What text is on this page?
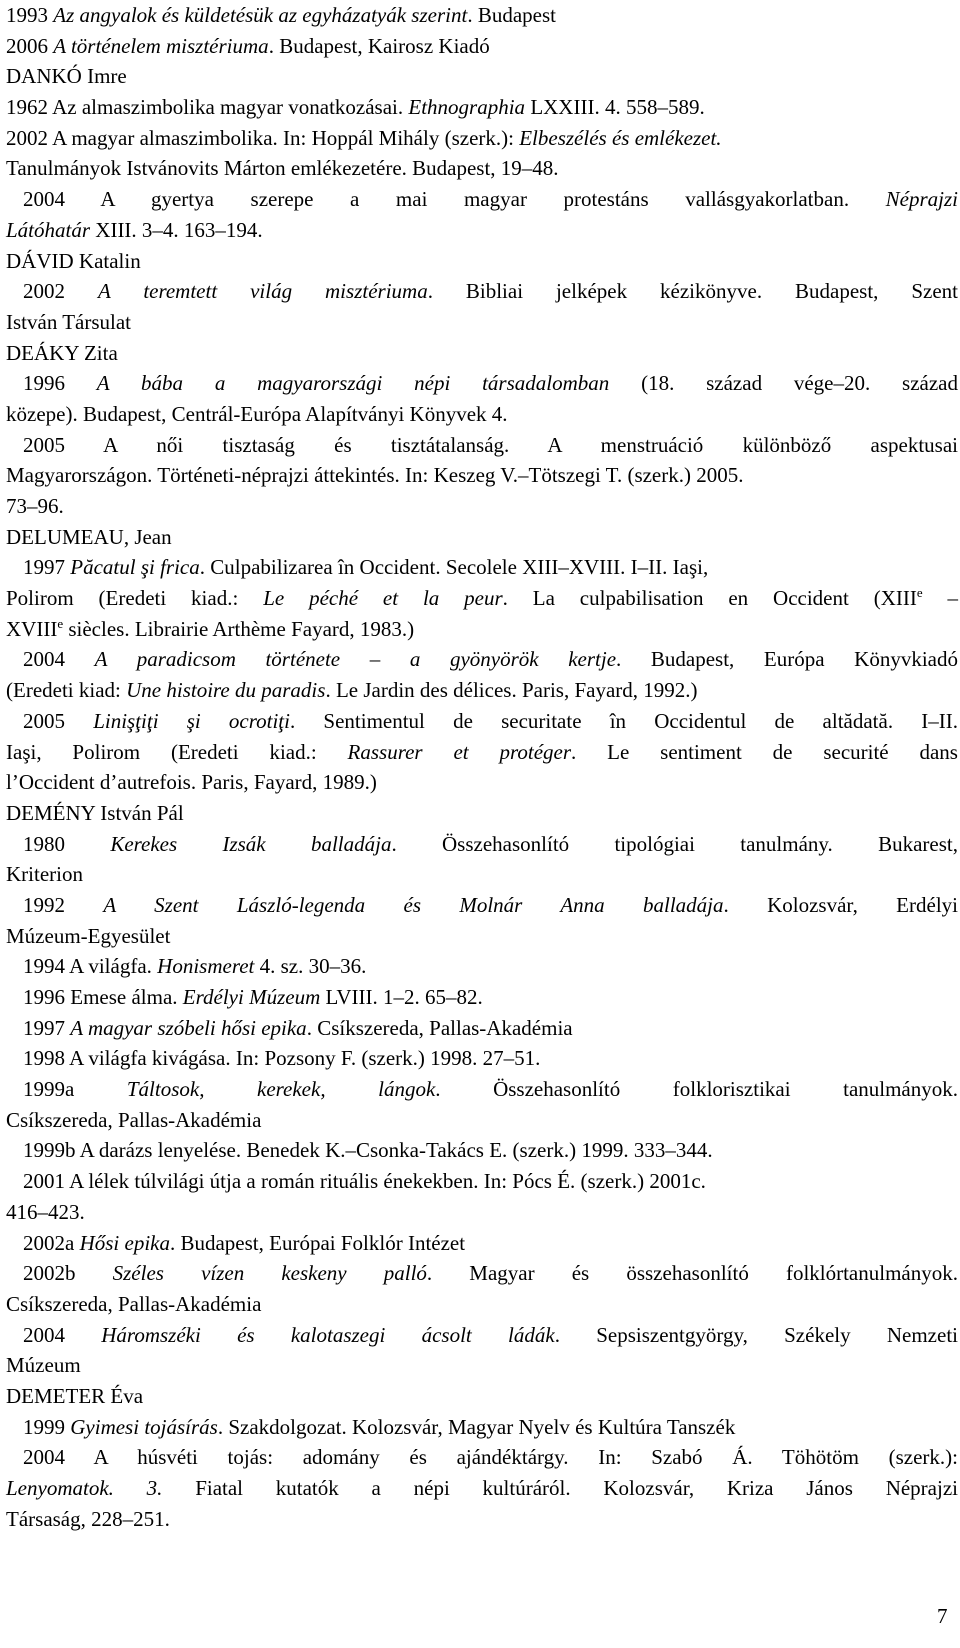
1993 Az angyalok és küldetésük az egyházatyák szerint. Budapest
2006 A történelem misztériuma. Budapest, Kairosz Kiadó
DANKÓ Imre
1962 Az almaszimbolika magyar vonatkozásai. Ethnographia LXXIII. 4. 558–589.
2002 A magyar almaszimbolika. In: Hoppál Mihály (szerk.): Elbeszélés és emlékezet.
Tanulmányok Istvánovits Márton emlékezetére. Budapest, 19–48.
2004 A gyertya szerepe a mai magyar protestáns vallásgyakorlatban. Néprajzi
Látóhatár XIII. 3–4. 163–194.
DÁVID Katalin
2002 A teremtett világ misztériuma. Bibliai jelképek kézikönyve. Budapest, Szent
István Társulat
DEÁKY Zita
1996 A bába a magyarországi népi társadalomban (18. század vége–20. század
közepe). Budapest, Centrál-Európa Alapítványi Könyvek 4.
2005 A női tisztaság és tisztátalanság. A menstruáció különböző aspektusai
Magyarországon. Történeti-néprajzi áttekintés. In: Keszeg V.–Tötszegi T. (szerk.) 2005.
73–96.
DELUMEAU, Jean
1997 Păcatul şi frica. Culpabilizarea în Occident. Secolele XIII–XVIII. I–II. Iaşi,
Polirom (Eredeti kiad.: Le péché et la peur. La culpabilisation en Occident (XIIIe –
XVIIIe siècles. Librairie Arthème Fayard, 1983.)
2004 A paradicsom története – a gyönyörök kertje. Budapest, Európa Könyvkiadó
(Eredeti kiad: Une histoire du paradis. Le Jardin des délices. Paris, Fayard, 1992.)
2005 Linişţiţi şi ocrotiţi. Sentimentul de securitate în Occidentul de altădată. I–II.
Iaşi, Polirom (Eredeti kiad.: Rassurer et protéger. Le sentiment de securité dans
l’Occident d’autrefois. Paris, Fayard, 1989.)
DEMÉNY István Pál
1980 Kerekes Izsák balladája. Összehasonlító tipológiai tanulmány. Bukarest,
Kriterion
1992 A Szent László-legenda és Molnár Anna balladája. Kolozsvár, Erdélyi
Múzeum-Egyesület
1994 A világfa. Honismeret 4. sz. 30–36.
1996 Emese álma. Erdélyi Múzeum LVIII. 1–2. 65–82.
1997 A magyar szóbeli hősi epika. Csíkszereda, Pallas-Akadémia
1998 A világfa kivágása. In: Pozsony F. (szerk.) 1998. 27–51.
1999a Táltosok, kerekek, lángok. Összehasonlító folklorisztikai tanulmányok.
Csíkszereda, Pallas-Akadémia
1999b A darázs lenyelése. Benedek K.–Csonka-Takács E. (szerk.) 1999. 333–344.
2001 A lélek túlvilági útja a román rituális énekekben. In: Pócs É. (szerk.) 2001c.
416–423.
2002a Hősi epika. Budapest, Európai Folklór Intézet
2002b Széles vízen keskeny palló. Magyar és összehasonlító folklórtanulmányok.
Csíkszereda, Pallas-Akadémia
2004 Háromszéki és kalotaszegi ácsolt ládák. Sepsiszentgyörgy, Székely Nemzeti
Múzeum
DEMETER Éva
1999 Gyimesi tojásírás. Szakdolgozat. Kolozsvár, Magyar Nyelv és Kultúra Tanszék
2004 A húsvéti tojás: adomány és ajándéktárgy. In: Szabó Á. Töhötöm (szerk.):
Lenyomatok. 3. Fiatal kutatók a népi kultúráról. Kolozsvár, Kriza János Néprajzi
Társaság, 228–251.
7
